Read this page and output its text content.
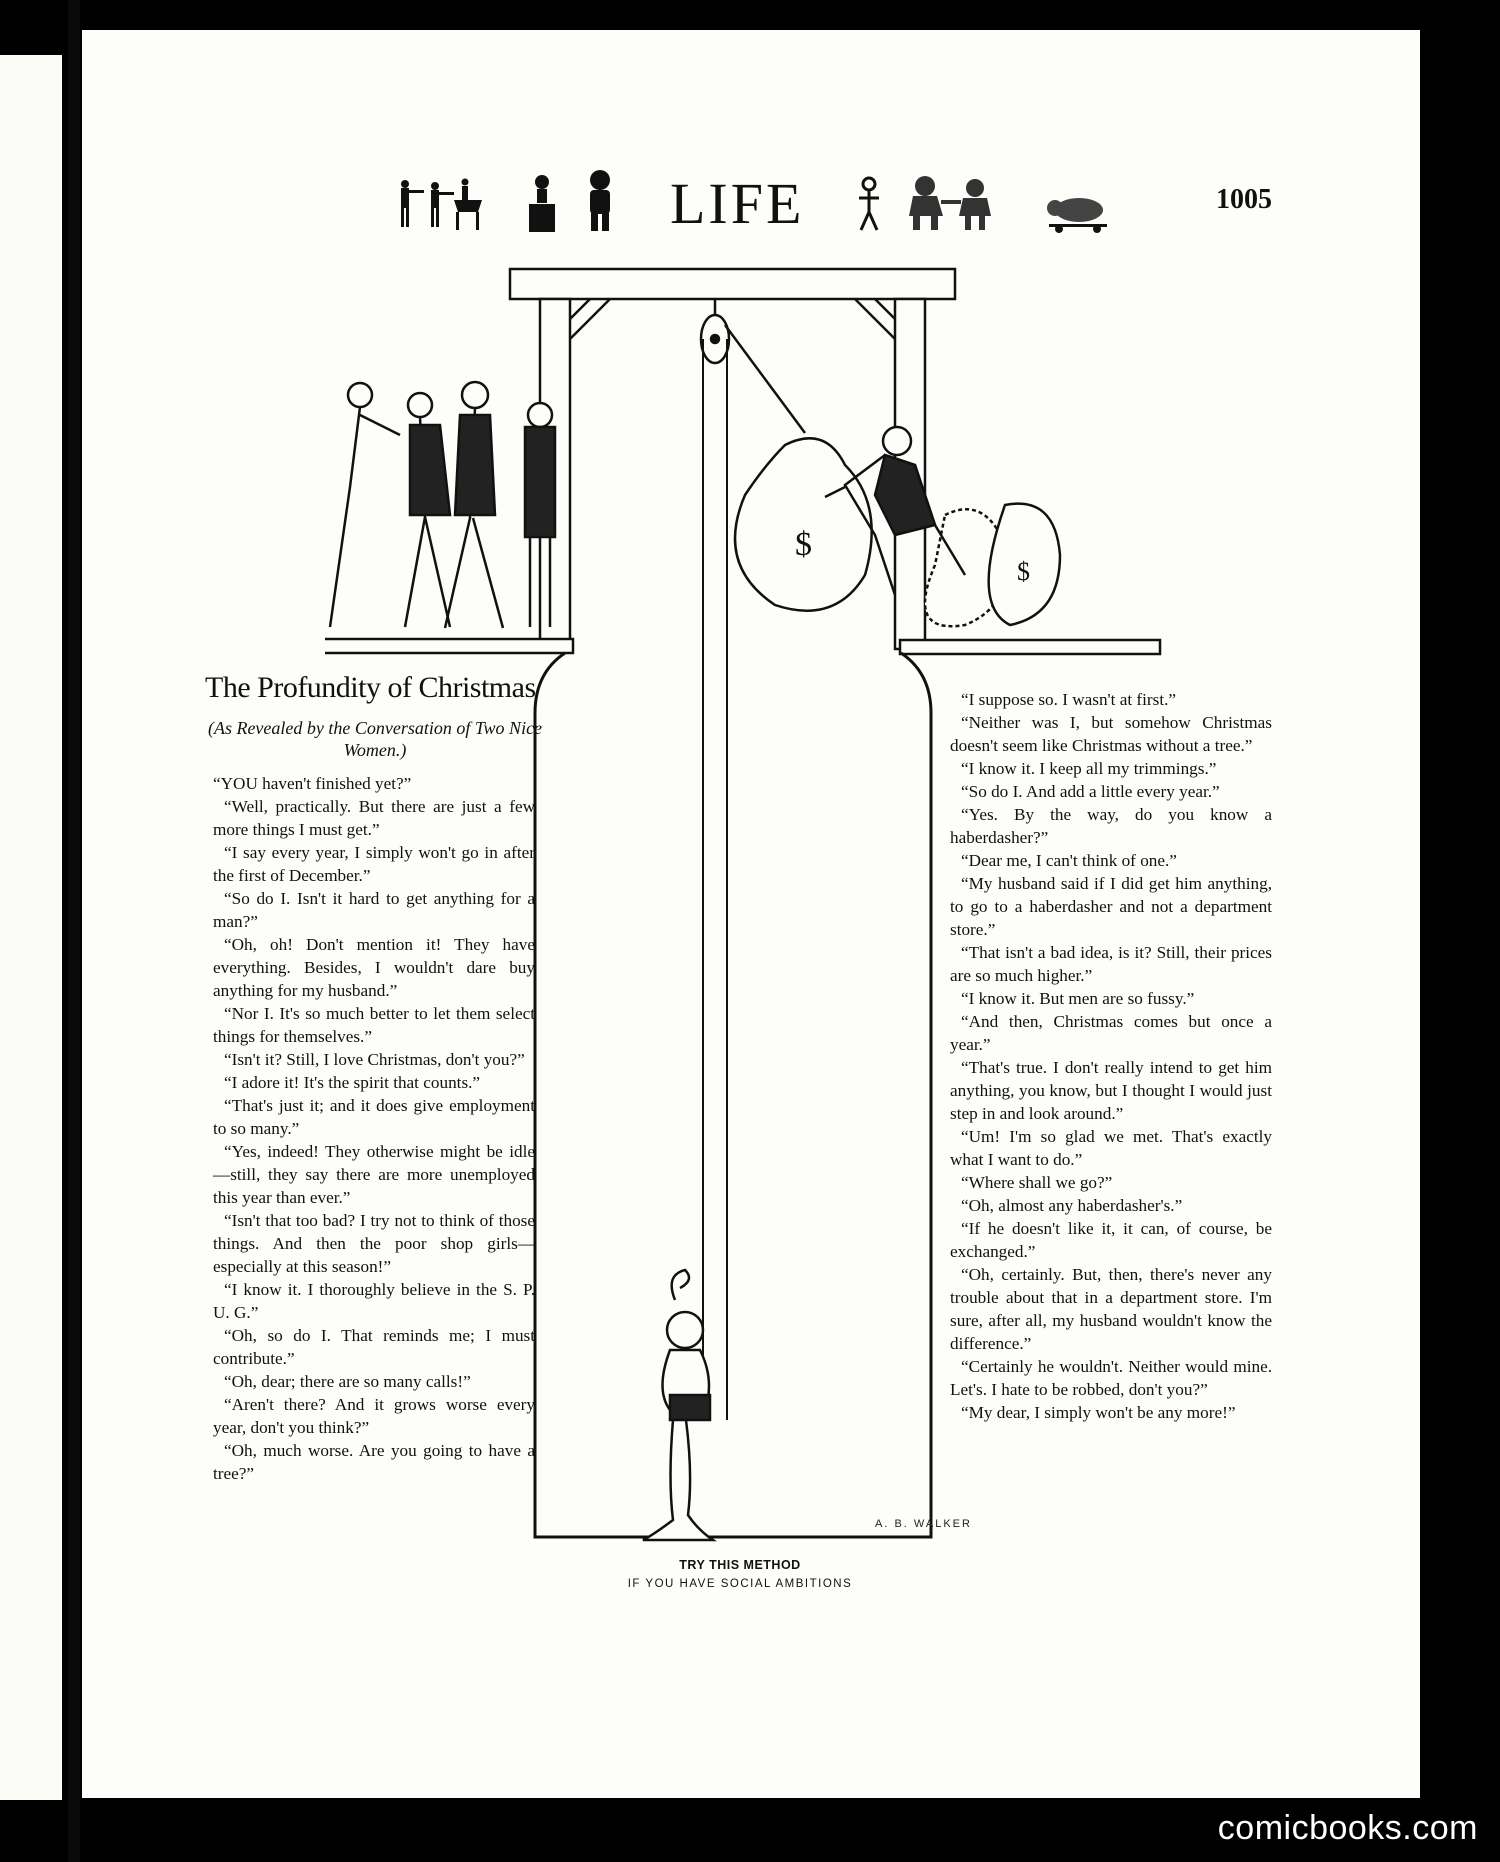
LIFE	1005
$
$
A. B. WALKER
The Profundity of Christmas
(As Revealed by the Conversation of Two Nice Women.)

“YOU haven't finished yet?”

“Well, practically. But there are just a few more things I must get.”

“I say every year, I simply won't go in after the first of December.”

“So do I. Isn't it hard to get anything for a man?”

“Oh, oh! Don't mention it! They have everything. Besides, I wouldn't dare buy anything for my husband.”

“Nor I. It's so much better to let them select things for themselves.”

“Isn't it? Still, I love Christmas, don't you?”

“I adore it! It's the spirit that counts.”

“That's just it; and it does give employment to so many.”

“Yes, indeed! They otherwise might be idle—still, they say there are more unemployed this year than ever.”

“Isn't that too bad? I try not to think of those things. And then the poor shop girls—especially at this season!”

“I know it. I thoroughly believe in the S. P. U. G.”

“Oh, so do I. That reminds me; I must contribute.”

“Oh, dear; there are so many calls!”

“Aren't there? And it grows worse every year, don't you think?”

“Oh, much worse. Are you going to have a tree?”

“I suppose so. I wasn't at first.”

“Neither was I, but somehow Christmas doesn't seem like Christmas without a tree.”

“I know it. I keep all my trimmings.”

“So do I. And add a little every year.”

“Yes. By the way, do you know a haberdasher?”

“Dear me, I can't think of one.”

“My husband said if I did get him anything, to go to a haberdasher and not a department store.”

“That isn't a bad idea, is it? Still, their prices are so much higher.”

“I know it. But men are so fussy.”

“And then, Christmas comes but once a year.”

“That's true. I don't really intend to get him anything, you know, but I thought I would just step in and look around.”

“Um! I'm so glad we met. That's exactly what I want to do.”

“Where shall we go?”

“Oh, almost any haberdasher's.”

“If he doesn't like it, it can, of course, be exchanged.”

“Oh, certainly. But, then, there's never any trouble about that in a department store. I'm sure, after all, my husband wouldn't know the difference.”

“Certainly he wouldn't. Neither would mine. Let's. I hate to be robbed, don't you?”

“My dear, I simply won't be any more!”

TRY THIS METHOD
IF YOU HAVE SOCIAL AMBITIONS
comicbooks.com
